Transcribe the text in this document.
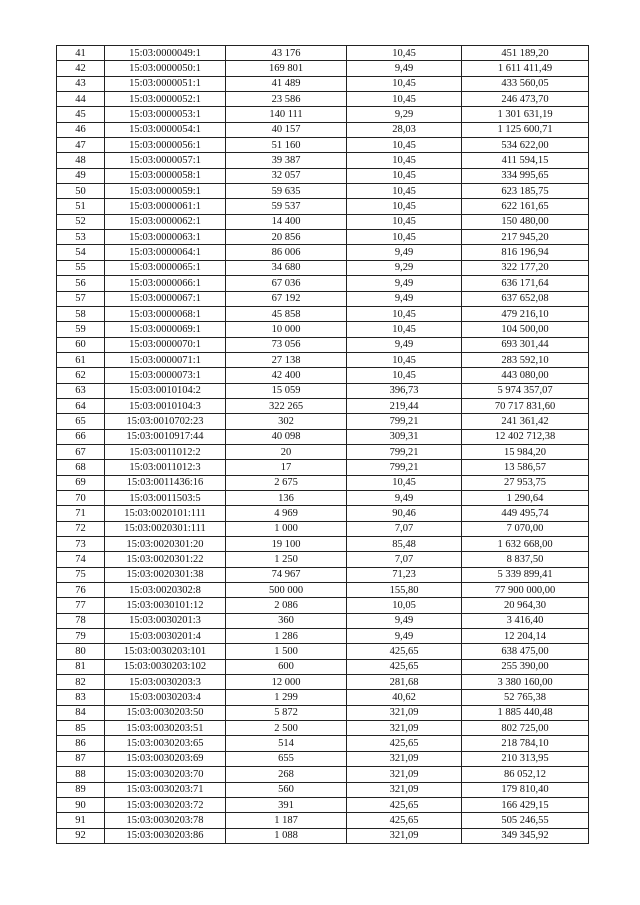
41	15:03:0000049:1	43 176	10,45	451 189,20
42	15:03:0000050:1	169 801	9,49	1 611 411,49
43	15:03:0000051:1	41 489	10,45	433 560,05
44	15:03:0000052:1	23 586	10,45	246 473,70
45	15:03:0000053:1	140 111	9,29	1 301 631,19
46	15:03:0000054:1	40 157	28,03	1 125 600,71
47	15:03:0000056:1	51 160	10,45	534 622,00
48	15:03:0000057:1	39 387	10,45	411 594,15
49	15:03:0000058:1	32 057	10,45	334 995,65
50	15:03:0000059:1	59 635	10,45	623 185,75
51	15:03:0000061:1	59 537	10,45	622 161,65
52	15:03:0000062:1	14 400	10,45	150 480,00
53	15:03:0000063:1	20 856	10,45	217 945,20
54	15:03:0000064:1	86 006	9,49	816 196,94
55	15:03:0000065:1	34 680	9,29	322 177,20
56	15:03:0000066:1	67 036	9,49	636 171,64
57	15:03:0000067:1	67 192	9,49	637 652,08
58	15:03:0000068:1	45 858	10,45	479 216,10
59	15:03:0000069:1	10 000	10,45	104 500,00
60	15:03:0000070:1	73 056	9,49	693 301,44
61	15:03:0000071:1	27 138	10,45	283 592,10
62	15:03:0000073:1	42 400	10,45	443 080,00
63	15:03:0010104:2	15 059	396,73	5 974 357,07
64	15:03:0010104:3	322 265	219,44	70 717 831,60
65	15:03:0010702:23	302	799,21	241 361,42
66	15:03:0010917:44	40 098	309,31	12 402 712,38
67	15:03:0011012:2	20	799,21	15 984,20
68	15:03:0011012:3	17	799,21	13 586,57
69	15:03:0011436:16	2 675	10,45	27 953,75
70	15:03:0011503:5	136	9,49	1 290,64
71	15:03:0020101:111	4 969	90,46	449 495,74
72	15:03:0020301:111	1 000	7,07	7 070,00
73	15:03:0020301:20	19 100	85,48	1 632 668,00
74	15:03:0020301:22	1 250	7,07	8 837,50
75	15:03:0020301:38	74 967	71,23	5 339 899,41
76	15:03:0020302:8	500 000	155,80	77 900 000,00
77	15:03:0030101:12	2 086	10,05	20 964,30
78	15:03:0030201:3	360	9,49	3 416,40
79	15:03:0030201:4	1 286	9,49	12 204,14
80	15:03:0030203:101	1 500	425,65	638 475,00
81	15:03:0030203:102	600	425,65	255 390,00
82	15:03:0030203:3	12 000	281,68	3 380 160,00
83	15:03:0030203:4	1 299	40,62	52 765,38
84	15:03:0030203:50	5 872	321,09	1 885 440,48
85	15:03:0030203:51	2 500	321,09	802 725,00
86	15:03:0030203:65	514	425,65	218 784,10
87	15:03:0030203:69	655	321,09	210 313,95
88	15:03:0030203:70	268	321,09	86 052,12
89	15:03:0030203:71	560	321,09	179 810,40
90	15:03:0030203:72	391	425,65	166 429,15
91	15:03:0030203:78	1 187	425,65	505 246,55
92	15:03:0030203:86	1 088	321,09	349 345,92
